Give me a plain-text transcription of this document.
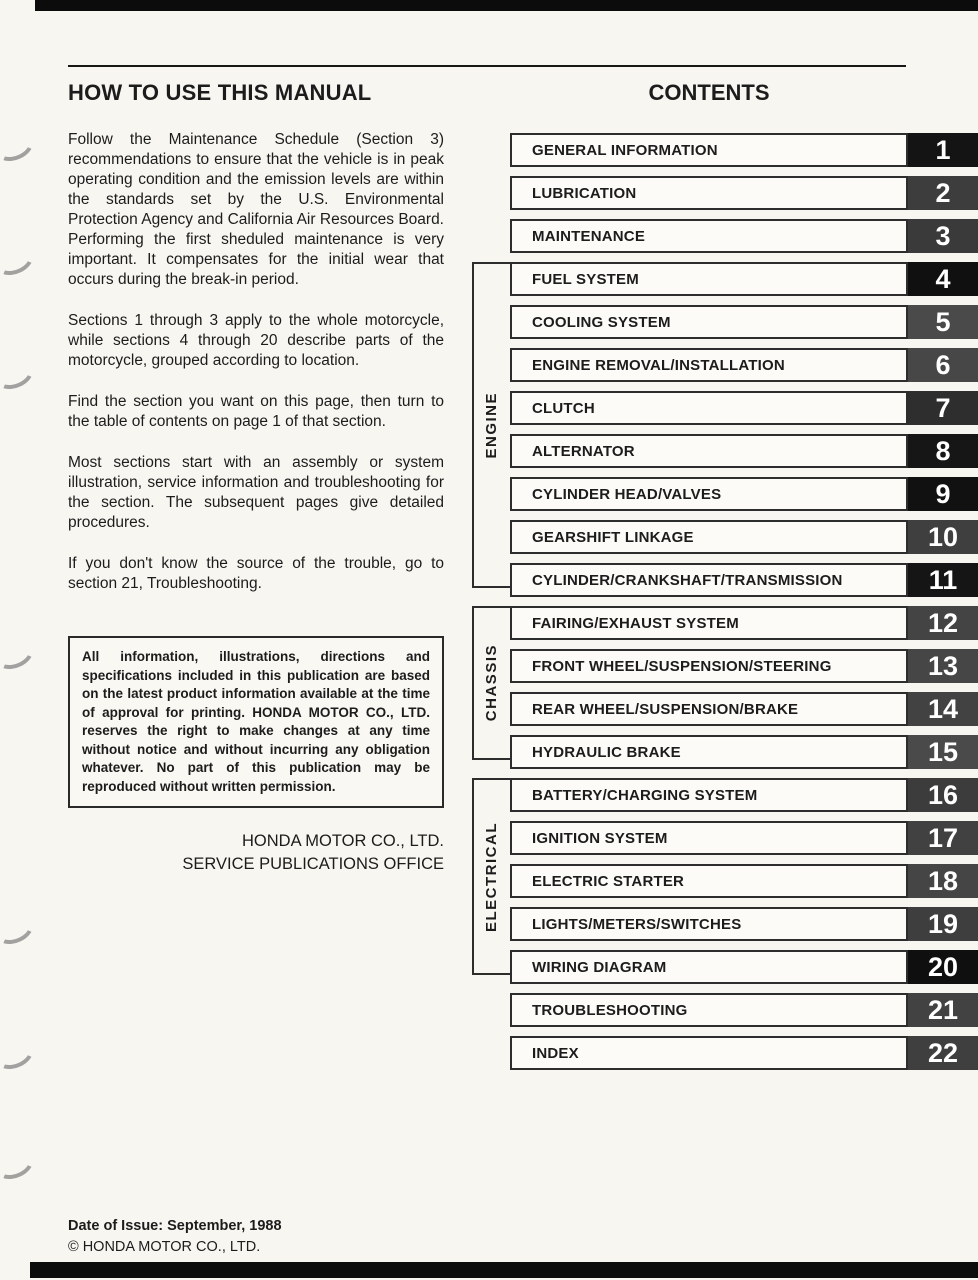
HOW TO USE THIS MANUAL

Follow the Maintenance Schedule (Section 3) recommendations to ensure that the vehicle is in peak operating condition and the emission levels are within the standards set by the U.S. Environmental Protection Agency and California Air Resources Board. Performing the first sheduled maintenance is very important. It compensates for the initial wear that occurs during the break-in period.

Sections 1 through 3 apply to the whole motorcycle, while sections 4 through 20 describe parts of the motorcycle, grouped according to location.

Find the section you want on this page, then turn to the table of contents on page 1 of that section.

Most sections start with an assembly or system illustration, service information and troubleshooting for the section. The subsequent pages give detailed procedures.

If you don't know the source of the trouble, go to section 21, Troubleshooting.

All information, illustrations, directions and specifications included in this publication are based on the latest product information available at the time of approval for printing. HONDA MOTOR CO., LTD. reserves the right to make changes at any time without notice and without incurring any obligation whatever. No part of this publication may be reproduced without written permission.
HONDA MOTOR CO., LTD.
SERVICE PUBLICATIONS OFFICE
CONTENTS
GENERAL INFORMATION	1
LUBRICATION	2
MAINTENANCE	3
ENGINE
FUEL SYSTEM	4
COOLING SYSTEM	5
ENGINE REMOVAL/INSTALLATION	6
CLUTCH	7
ALTERNATOR	8
CYLINDER HEAD/VALVES	9
GEARSHIFT LINKAGE	10
CYLINDER/CRANKSHAFT/TRANSMISSION	11
CHASSIS
FAIRING/EXHAUST SYSTEM	12
FRONT WHEEL/SUSPENSION/STEERING	13
REAR WHEEL/SUSPENSION/BRAKE	14
HYDRAULIC BRAKE	15
ELECTRICAL
BATTERY/CHARGING SYSTEM	16
IGNITION SYSTEM	17
ELECTRIC STARTER	18
LIGHTS/METERS/SWITCHES	19
WIRING DIAGRAM	20
TROUBLESHOOTING	21
INDEX	22
Date of Issue: September, 1988
© HONDA MOTOR CO., LTD.
